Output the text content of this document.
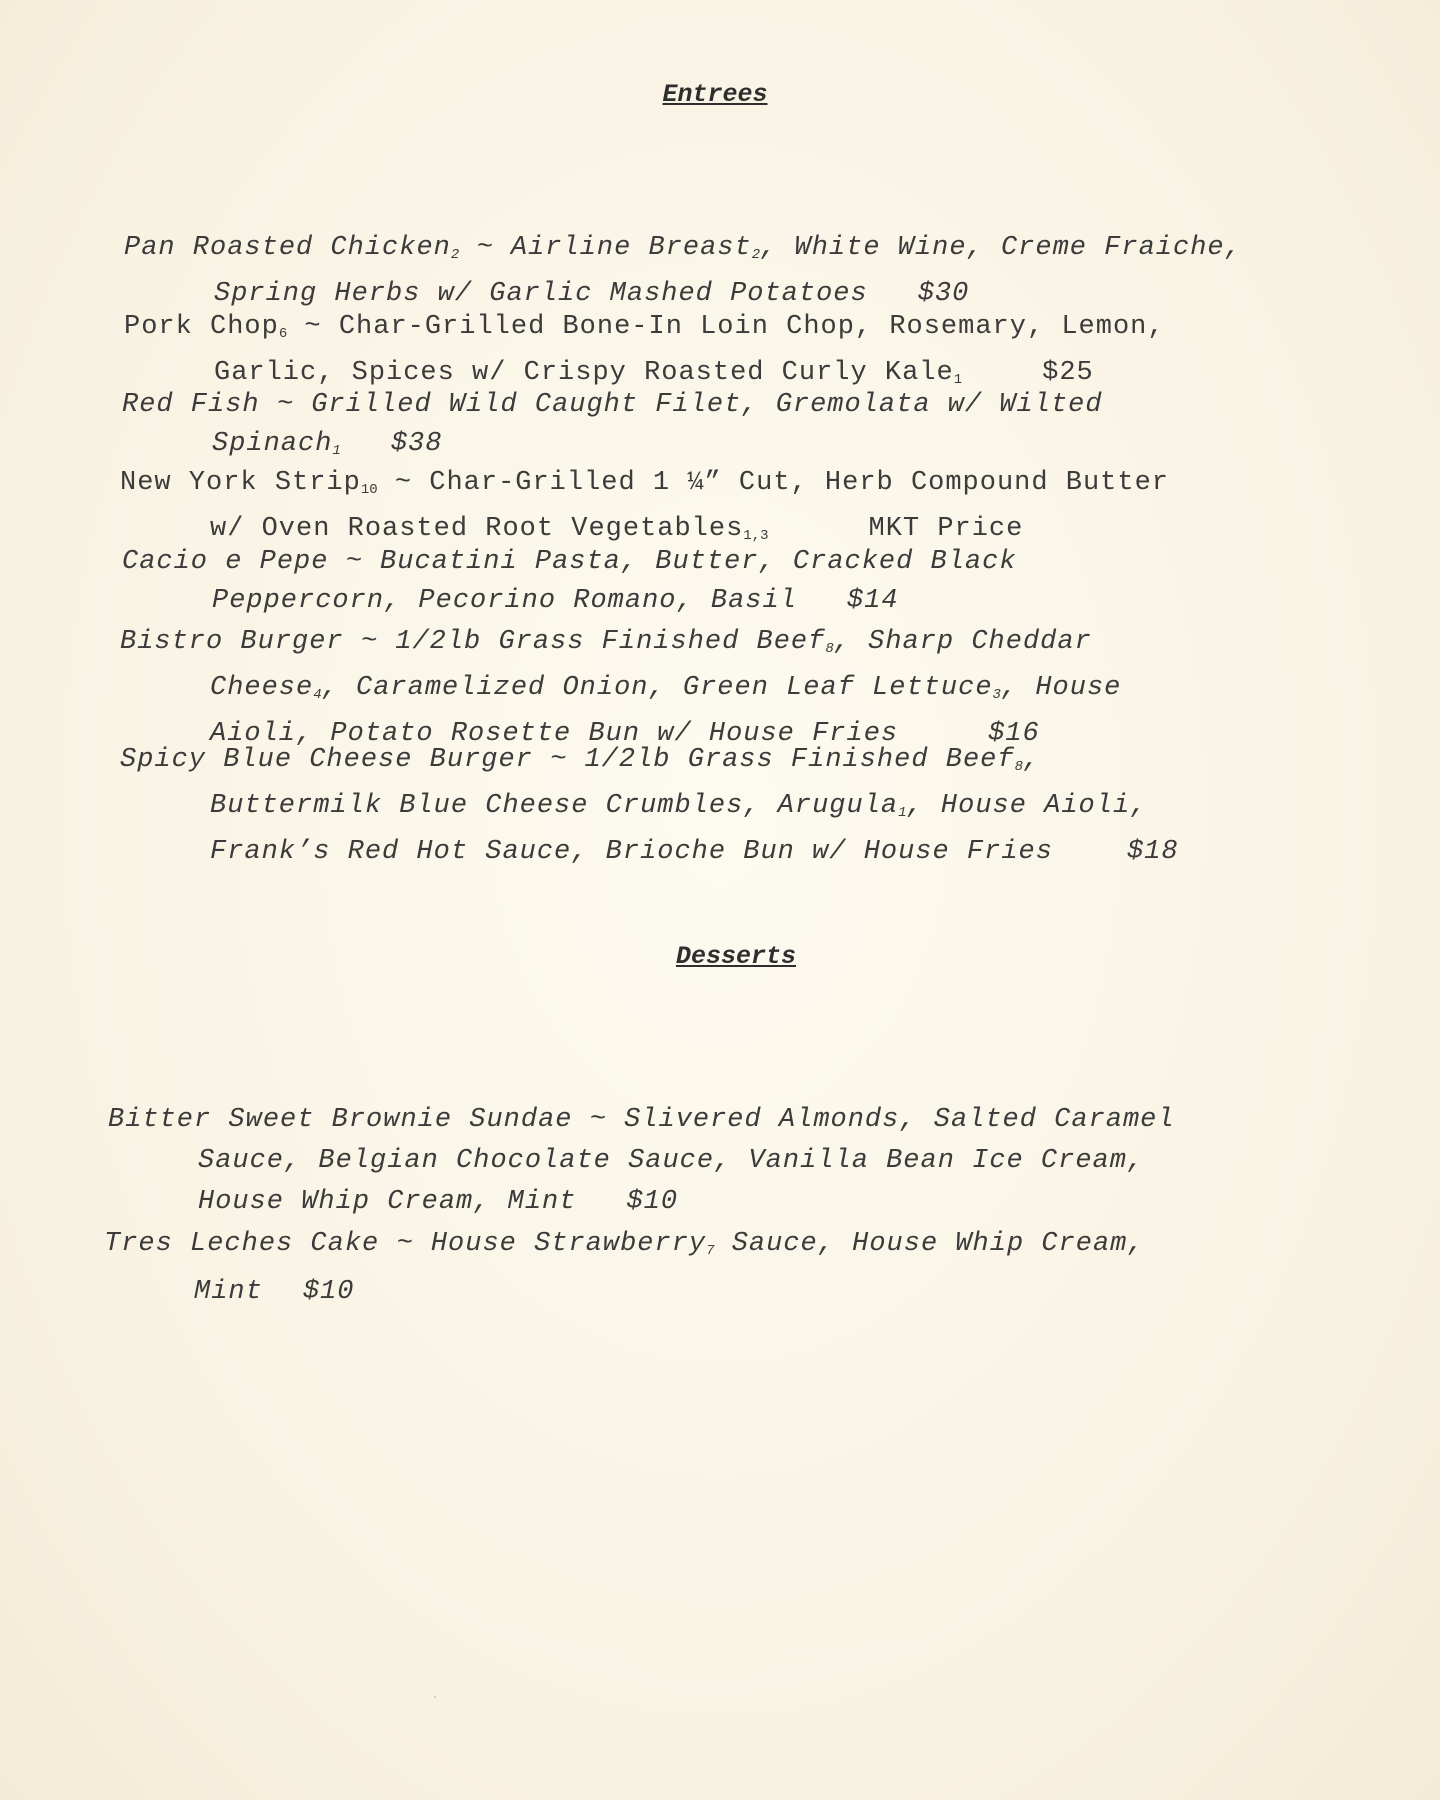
Entrees
Pan Roasted Chicken$_2$ ~ Airline Breast$_2$, White Wine, Creme Fraiche,
Spring Herbs w/ Garlic Mashed Potatoes $30
Pork Chop$_6$ ~ Char-Grilled Bone-In Loin Chop, Rosemary, Lemon,
Garlic, Spices w/ Crispy Roasted Curly Kale$_1$	$25
Red Fish ~ Grilled Wild Caught Filet, Gremolata w/ Wilted
Spinach$_1$ $38
New York Strip$_{10}$ ~ Char-Grilled 1 ¼” Cut, Herb Compound Butter
w/ Oven Roasted Root Vegetables$_{1,3}$	MKT Price
Cacio e Pepe ~ Bucatini Pasta, Butter, Cracked Black
Peppercorn, Pecorino Romano, Basil $14
Bistro Burger ~ 1/2lb Grass Finished Beef$_8$, Sharp Cheddar
Cheese$_4$, Caramelized Onion, Green Leaf Lettuce$_3$, House
Aioli, Potato Rosette Bun w/ House Fries	$16
Spicy Blue Cheese Burger ~ 1/2lb Grass Finished Beef$_8$,
Buttermilk Blue Cheese Crumbles, Arugula$_1$, House Aioli,
Frank’s Red Hot Sauce, Brioche Bun w/ House Fries	$18
Desserts
Bitter Sweet Brownie Sundae ~ Slivered Almonds, Salted Caramel
Sauce, Belgian Chocolate Sauce, Vanilla Bean Ice Cream,
House Whip Cream, Mint $10
Tres Leches Cake ~ House Strawberry$_7$ Sauce, House Whip Cream,
Mint $10
